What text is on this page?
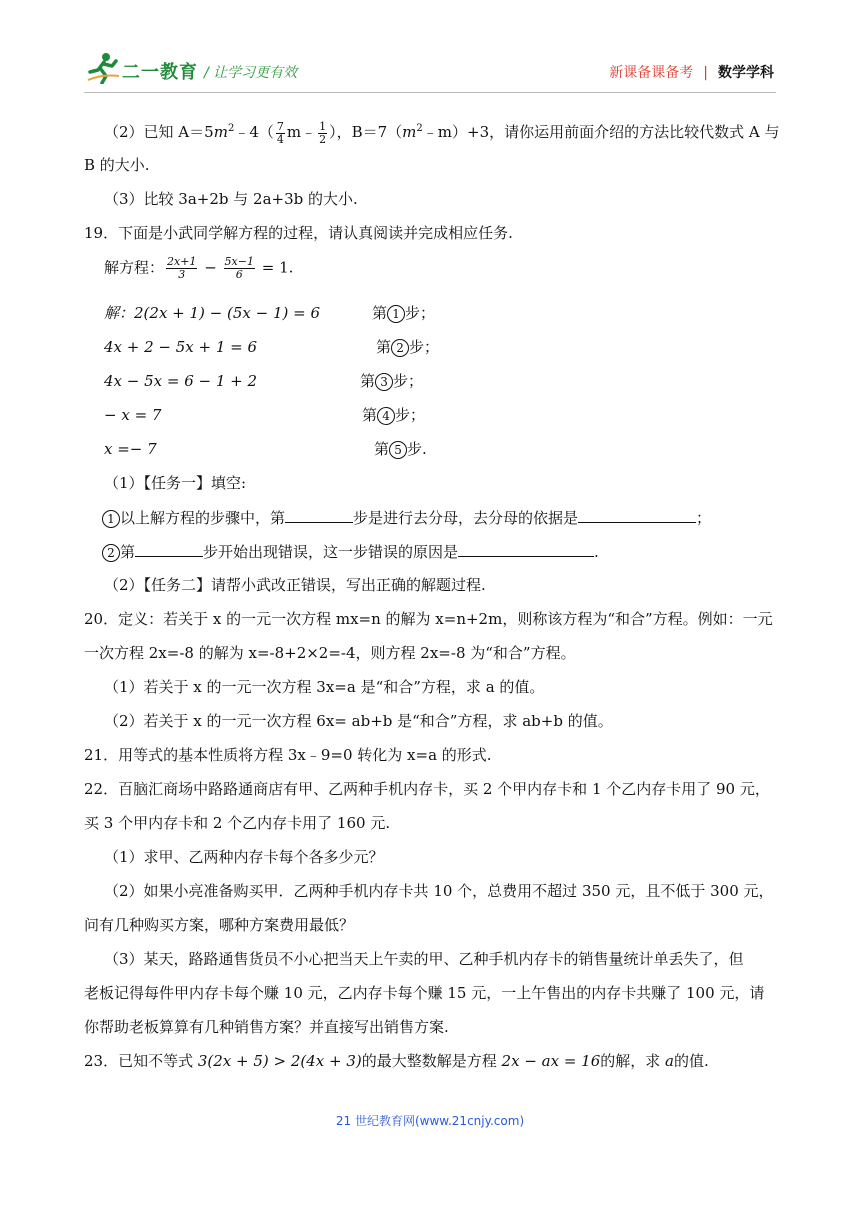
二一教育 / 让学习更有效	新课备课备考 | 数学学科
（2）已知 $A=5m^2﹣4( \frac{7}{4}$ m﹣ $\frac{1}{2}$ ），$B=7(m^2﹣m)+3$，请你运用前面介绍的方法比较代数式 A 与
B 的大小.
（3）比较 3a+2b 与 2a+3b 的大小.
19．下面是小武同学解方程的过程，请认真阅读并完成相应任务.
解方程： $\frac{2x+1}{3} - \frac{5x-1}{6} = 1$.
解：2(2x + 1) − (5x − 1) = 6	第 1 步；
4x + 2 − 5x + 1 = 6	第 2 步；
4x − 5x = 6 − 1 + 2	第 3 步；
− x = 7	第 4 步；
x =− 7	第 5 步.
（1）【任务一】填空:
1 以上解方程的步骤中，第	步是进行去分母，去分母的依据是	；
2 第	步开始出现错误，这一步错误的原因是	.
（2）【任务二】请帮小武改正错误，写出正确的解题过程.
20．定义：若关于 x 的一元一次方程 mx=n 的解为 x=n+2m，则称该方程为“和合”方程。例如：一元
一次方程 2x=-8 的解为 x=-8+2×2=-4，则方程 2x=-8 为“和合”方程。
（1）若关于 x 的一元一次方程 3x=a 是“和合”方程，求 a 的值。
（2）若关于 x 的一元一次方程 6x= ab+b 是“和合”方程，求 ab+b 的值。
21．用等式的基本性质将方程 3x﹣9=0 转化为 x=a 的形式.
22．百脑汇商场中路路通商店有甲、乙两种手机内存卡，买 2 个甲内存卡和 1 个乙内存卡用了 90 元，
买 3 个甲内存卡和 2 个乙内存卡用了 160 元.
（1）求甲、乙两种内存卡每个各多少元？
（2）如果小亮准备购买甲．乙两种手机内存卡共 10 个，总费用不超过 350 元，且不低于 300 元，
问有几种购买方案，哪种方案费用最低？
（3）某天，路路通售货员不小心把当天上午卖的甲、乙种手机内存卡的销售量统计单丢失了，但
老板记得每件甲内存卡每个赚 10 元，乙内存卡每个赚 15 元，一上午售出的内存卡共赚了 100 元，请
你帮助老板算算有几种销售方案？并直接写出销售方案.
23．已知不等式 3(2x + 5) > 2(4x + 3)的最大整数解是方程 2x − ax = 16的解，求 a的值.
21 世纪教育网(www.21cnjy.com)
